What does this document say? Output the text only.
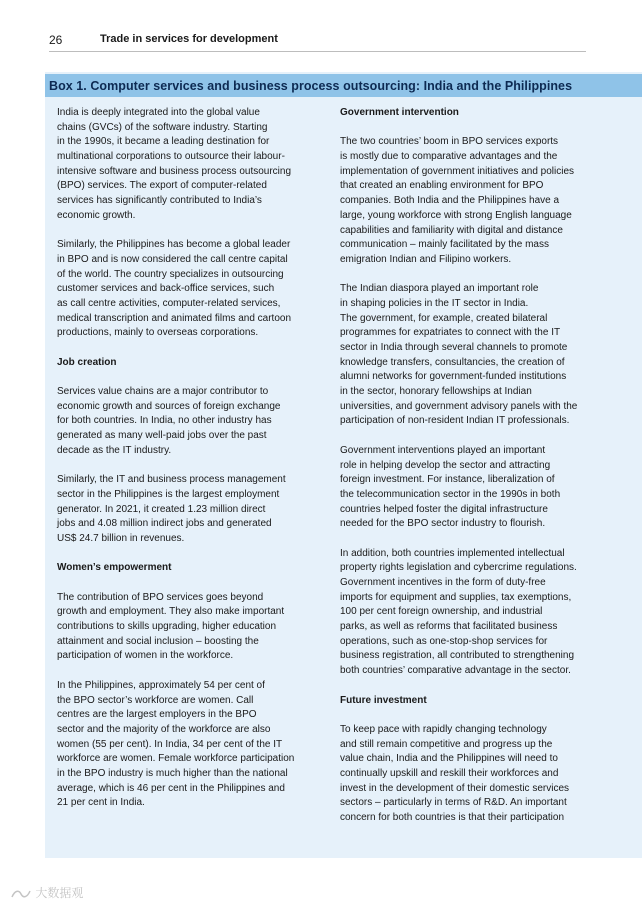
26	Trade in services for development
Box 1. Computer services and business process outsourcing: India and the Philippines
India is deeply integrated into the global value
chains (GVCs) of the software industry. Starting
in the 1990s, it became a leading destination for
multinational corporations to outsource their labour-
intensive software and business process outsourcing
(BPO) services. The export of computer-related
services has significantly contributed to India’s
economic growth.
Similarly, the Philippines has become a global leader
in BPO and is now considered the call centre capital
of the world. The country specializes in outsourcing
customer services and back-office services, such
as call centre activities, computer-related services,
medical transcription and animated films and cartoon
productions, mainly to overseas corporations.
Job creation
Services value chains are a major contributor to
economic growth and sources of foreign exchange
for both countries. In India, no other industry has
generated as many well-paid jobs over the past
decade as the IT industry.
Similarly, the IT and business process management
sector in the Philippines is the largest employment
generator. In 2021, it created 1.23 million direct
jobs and 4.08 million indirect jobs and generated
US$ 24.7 billion in revenues.
Women’s empowerment
The contribution of BPO services goes beyond
growth and employment. They also make important
contributions to skills upgrading, higher education
attainment and social inclusion – boosting the
participation of women in the workforce.
In the Philippines, approximately 54 per cent of
the BPO sector’s workforce are women. Call
centres are the largest employers in the BPO
sector and the majority of the workforce are also
women (55 per cent). In India, 34 per cent of the IT
workforce are women. Female workforce participation
in the BPO industry is much higher than the national
average, which is 46 per cent in the Philippines and
21 per cent in India.
Government intervention
The two countries’ boom in BPO services exports
is mostly due to comparative advantages and the
implementation of government initiatives and policies
that created an enabling environment for BPO
companies. Both India and the Philippines have a
large, young workforce with strong English language
capabilities and familiarity with digital and distance
communication – mainly facilitated by the mass
emigration Indian and Filipino workers.
The Indian diaspora played an important role
in shaping policies in the IT sector in India.
The government, for example, created bilateral
programmes for expatriates to connect with the IT
sector in India through several channels to promote
knowledge transfers, consultancies, the creation of
alumni networks for government-funded institutions
in the sector, honorary fellowships at Indian
universities, and government advisory panels with the
participation of non-resident Indian IT professionals.
Government interventions played an important
role in helping develop the sector and attracting
foreign investment. For instance, liberalization of
the telecommunication sector in the 1990s in both
countries helped foster the digital infrastructure
needed for the BPO sector industry to flourish.
In addition, both countries implemented intellectual
property rights legislation and cybercrime regulations.
Government incentives in the form of duty-free
imports for equipment and supplies, tax exemptions,
100 per cent foreign ownership, and industrial
parks, as well as reforms that facilitated business
operations, such as one-stop-shop services for
business registration, all contributed to strengthening
both countries’ comparative advantage in the sector.
Future investment
To keep pace with rapidly changing technology
and still remain competitive and progress up the
value chain, India and the Philippines will need to
continually upskill and reskill their workforces and
invest in the development of their domestic services
sectors – particularly in terms of R&D. An important
concern for both countries is that their participation
大数据观
